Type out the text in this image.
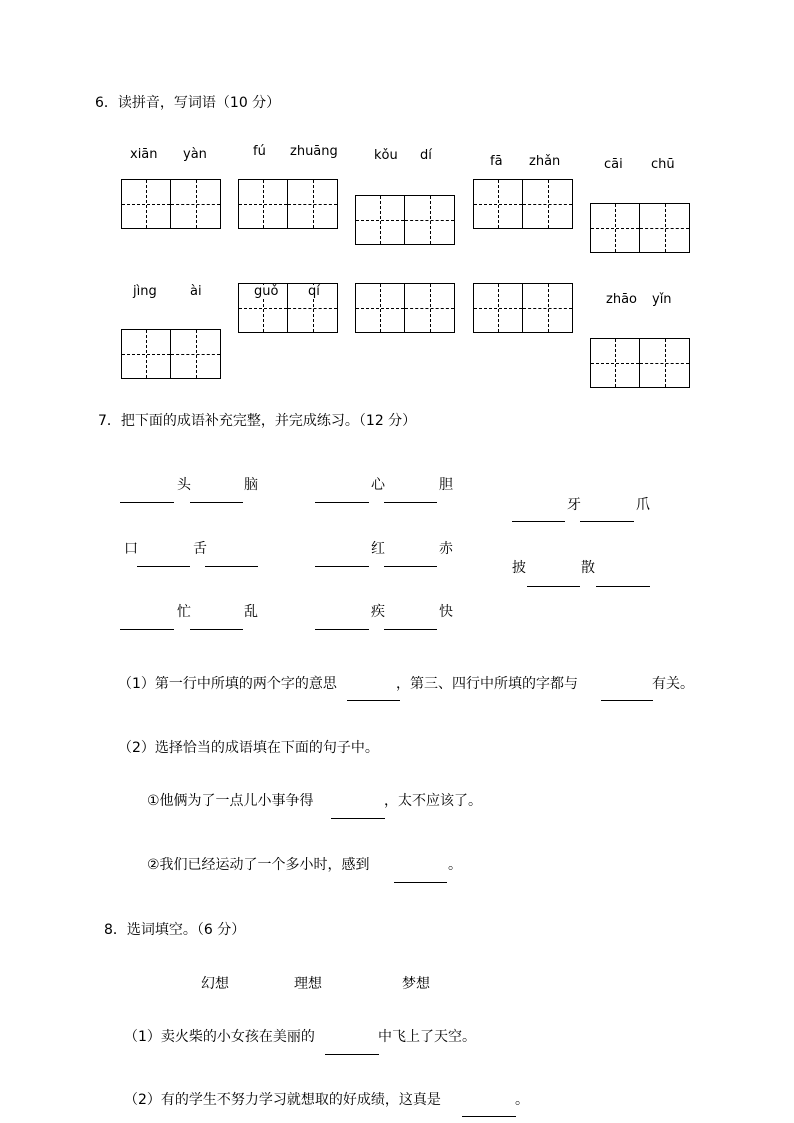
6．读拼音，写词语（10 分）
xiān yàn	fú zhuāng	kǒu dí	fā zhǎn	cāi chū
jìng	ài	guǒ qí
zhāo yǐn
7．把下面的成语补充完整，并完成练习。（12 分）
头	脑	心	胆
牙	爪
口	舌	红	赤
披	散
忙	乱	疾	快
（1）第一行中所填的两个字的意思	，第三、四行中所填的字都与	有关。
（2）选择恰当的成语填在下面的句子中。
①他俩为了一点儿小事争得	，太不应该了。
②我们已经运动了一个多小时，感到	。
8．选词填空。（6 分）
幻想	理想	梦想
（1）卖火柴的小女孩在美丽的	中飞上了天空。
（2）有的学生不努力学习就想取的好成绩，这真是	。
